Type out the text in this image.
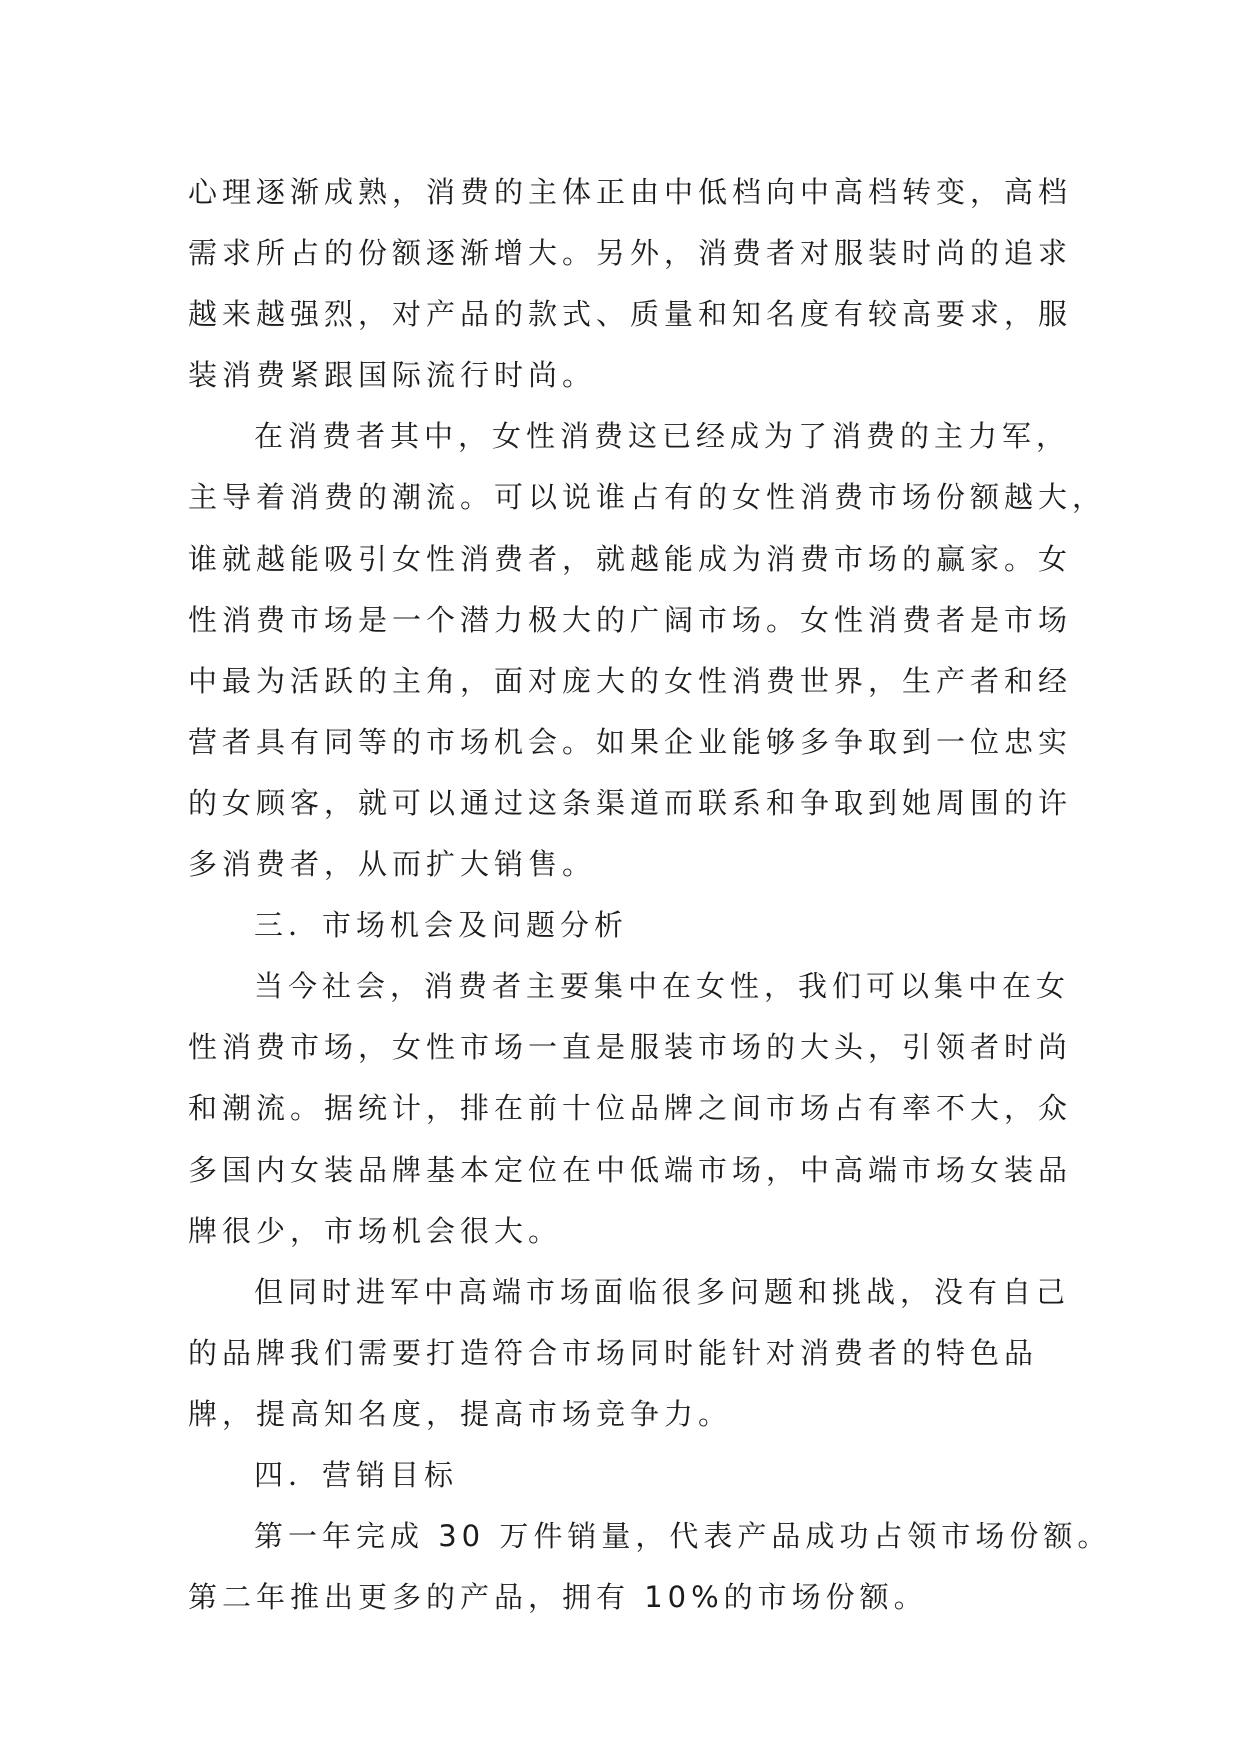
心理逐渐成熟，消费的主体正由中低档向中高档转变，高档
需求所占的份额逐渐增大。另外，消费者对服装时尚的追求
越来越强烈，对产品的款式、质量和知名度有较高要求，服
装消费紧跟国际流行时尚。

在消费者其中，女性消费这已经成为了消费的主力军，
主导着消费的潮流。可以说谁占有的女性消费市场份额越大，
谁就越能吸引女性消费者，就越能成为消费市场的赢家。女
性消费市场是一个潜力极大的广阔市场。女性消费者是市场
中最为活跃的主角，面对庞大的女性消费世界，生产者和经
营者具有同等的市场机会。如果企业能够多争取到一位忠实
的女顾客，就可以通过这条渠道而联系和争取到她周围的许
多消费者，从而扩大销售。

三．市场机会及问题分析

当今社会，消费者主要集中在女性，我们可以集中在女
性消费市场，女性市场一直是服装市场的大头，引领者时尚
和潮流。据统计，排在前十位品牌之间市场占有率不大，众
多国内女装品牌基本定位在中低端市场，中高端市场女装品
牌很少，市场机会很大。

但同时进军中高端市场面临很多问题和挑战，没有自己
的品牌我们需要打造符合市场同时能针对消费者的特色品
牌，提高知名度，提高市场竞争力。

四．营销目标

第一年完成 30 万件销量，代表产品成功占领市场份额。
第二年推出更多的产品，拥有 10%的市场份额。
